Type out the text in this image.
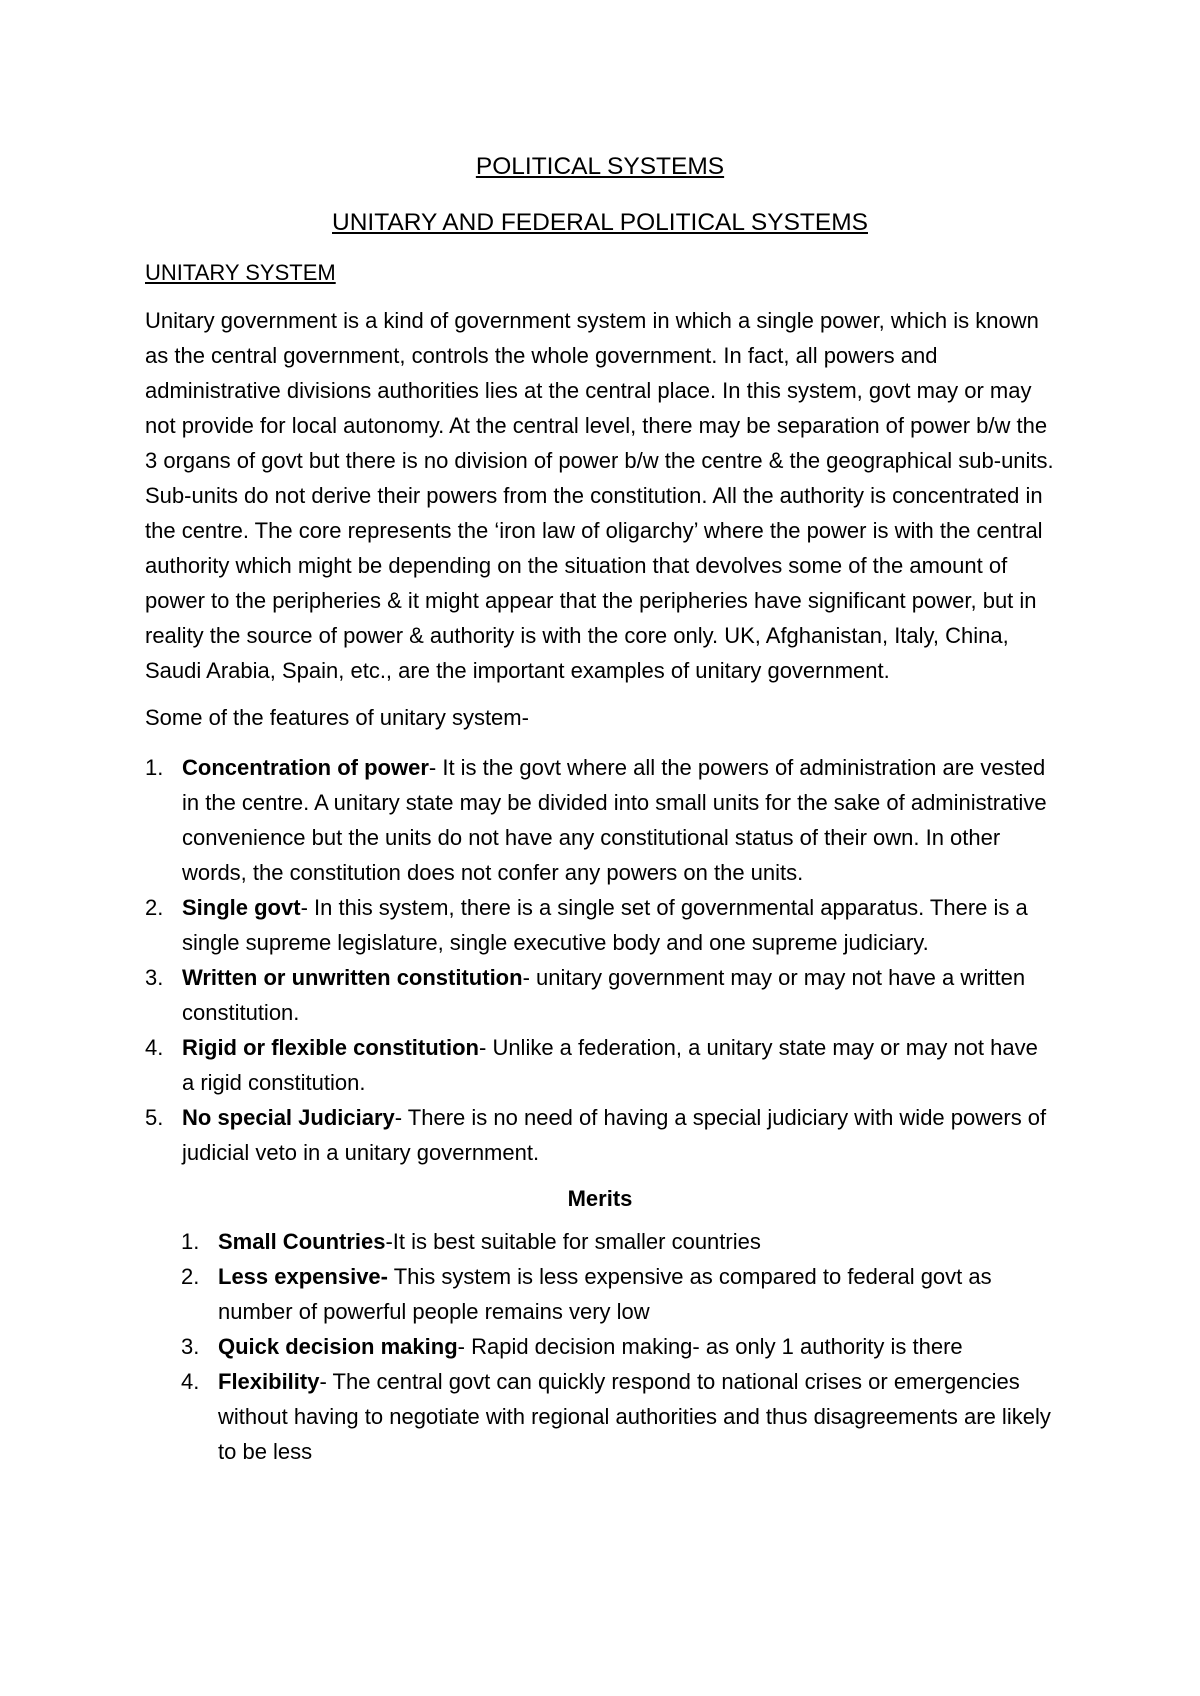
POLITICAL SYSTEMS
UNITARY AND FEDERAL POLITICAL SYSTEMS
UNITARY SYSTEM

Unitary government is a kind of government system in which a single power, which is known as the central government, controls the whole government. In fact, all powers and administrative divisions authorities lies at the central place. In this system, govt may or may not provide for local autonomy. At the central level, there may be separation of power b/w the 3 organs of govt but there is no division of power b/w the centre & the geographical sub-units. Sub-units do not derive their powers from the constitution. All the authority is concentrated in the centre. The core represents the ‘iron law of oligarchy’ where the power is with the central authority which might be depending on the situation that devolves some of the amount of power to the peripheries & it might appear that the peripheries have significant power, but in reality the source of power & authority is with the core only. UK, Afghanistan, Italy, China, Saudi Arabia, Spain, etc., are the important examples of unitary government.

Some of the features of unitary system-

1. Concentration of power- It is the govt where all the powers of administration are vested in the centre. A unitary state may be divided into small units for the sake of administrative convenience but the units do not have any constitutional status of their own. In other words, the constitution does not confer any powers on the units.
2. Single govt- In this system, there is a single set of governmental apparatus. There is a single supreme legislature, single executive body and one supreme judiciary.
3. Written or unwritten constitution- unitary government may or may not have a written constitution.
4. Rigid or flexible constitution- Unlike a federation, a unitary state may or may not have a rigid constitution.
5. No special Judiciary- There is no need of having a special judiciary with wide powers of judicial veto in a unitary government.
Merits
1. Small Countries-It is best suitable for smaller countries
2. Less expensive- This system is less expensive as compared to federal govt as number of powerful people remains very low
3. Quick decision making- Rapid decision making- as only 1 authority is there
4. Flexibility- The central govt can quickly respond to national crises or emergencies without having to negotiate with regional authorities and thus disagreements are likely to be less
